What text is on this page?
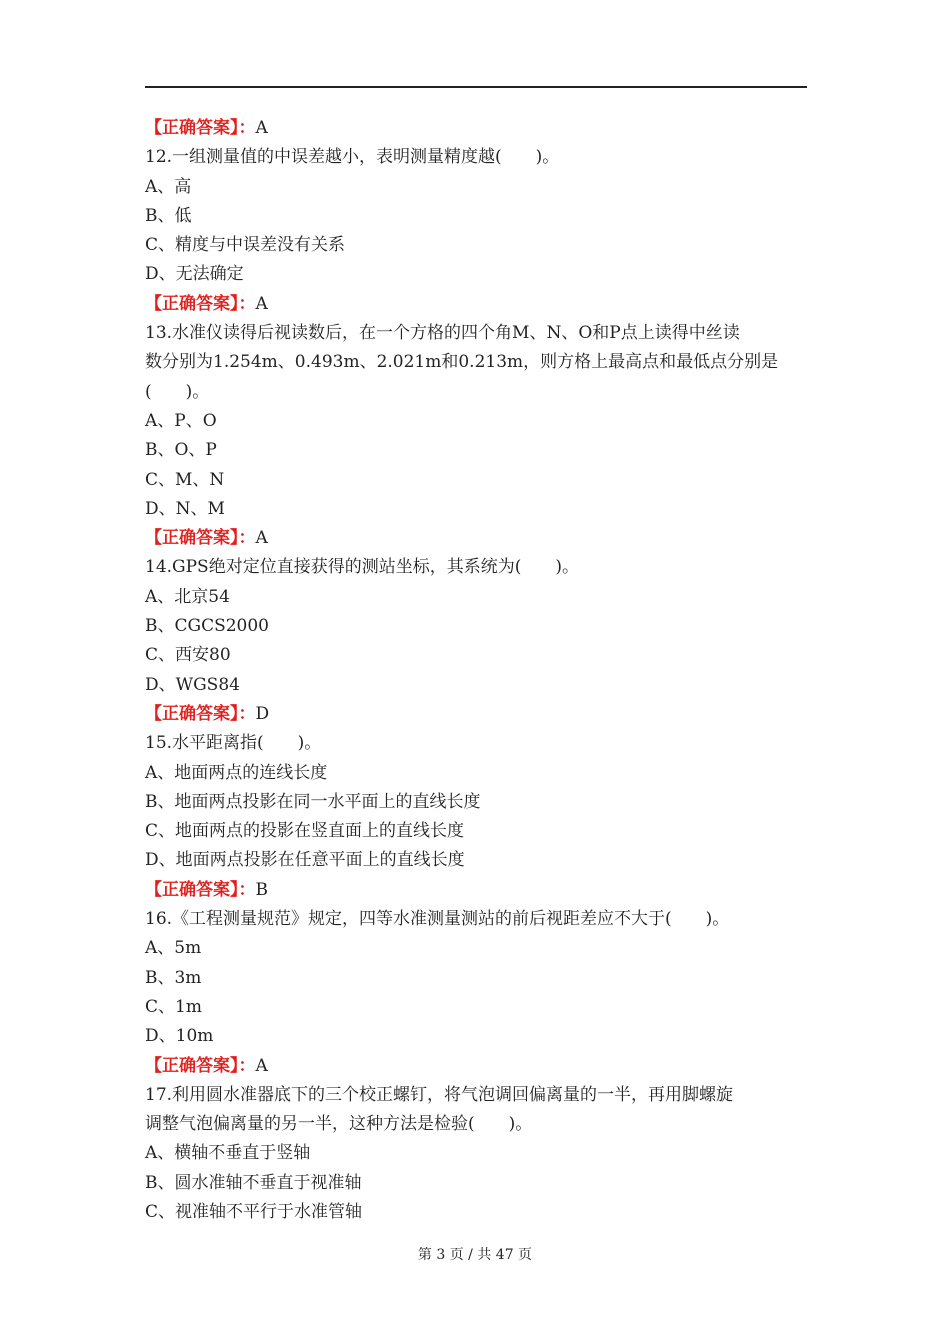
【正确答案】：A
12.一组测量值的中误差越小，表明测量精度越(　　)。
A、高
B、低
C、精度与中误差没有关系
D、无法确定
【正确答案】：A
13.水准仪读得后视读数后，在一个方格的四个角M、N、O和P点上读得中丝读
数分别为1.254m、0.493m、2.021m和0.213m，则方格上最高点和最低点分别是
(　　)。
A、P、O
B、O、P
C、M、N
D、N、M
【正确答案】：A
14.GPS绝对定位直接获得的测站坐标，其系统为(　　)。
A、北京54
B、CGCS2000
C、西安80
D、WGS84
【正确答案】：D
15.水平距离指(　　)。
A、地面两点的连线长度
B、地面两点投影在同一水平面上的直线长度
C、地面两点的投影在竖直面上的直线长度
D、地面两点投影在任意平面上的直线长度
【正确答案】：B
16.《工程测量规范》规定，四等水准测量测站的前后视距差应不大于(　　)。
A、5m
B、3m
C、1m
D、10m
【正确答案】：A
17.利用圆水准器底下的三个校正螺钉，将气泡调回偏离量的一半，再用脚螺旋
调整气泡偏离量的另一半，这种方法是检验(　　)。
A、横轴不垂直于竖轴
B、圆水准轴不垂直于视准轴
C、视准轴不平行于水准管轴
第 3 页 / 共 47 页
